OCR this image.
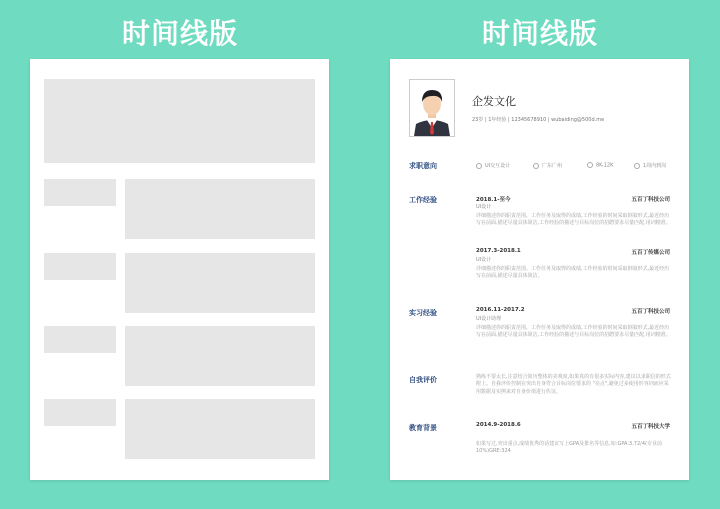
时间线版	时间线版
企发文化
23岁 | 1年经验 | 12345678910 | wubaiding@500d.me
求职意向	UI交互设计	广东广州	8K-12K	1周内到岗
工作经验	2018.1-至今	五百丁科技公司
UI设计
详细描述你的职责范围、工作任务及取得的成绩,工作经验的时间采取倒叙形式,最近经历写在前面,描述尽量具体简洁,工作经验的描述与目标岗位的招聘要求尽量匹配,用词精准。
2017.3-2018.1	五百丁传媒公司
UI设计
详细描述你的职责范围、工作任务及取得的成绩,工作经验的时间采取倒叙形式,最近经历写在前面,描述尽量具体简洁。
实习经验	2016.11-2017.2	五百丁科技公司
UI设计助理
详细描述你的职责范围、工作任务及取得的成绩,工作经验的时间采取倒叙形式,最近经历写在前面,描述尽量具体简洁,工作经验的描述与目标岗位的招聘要求尽量匹配,用词精准。
自我评价	熟练不要太长,注意结合简历整体的美观度,如果真的有很多实际内容,建议以求职信的形式附上。自我评价控制在突出自身符合目标岗位要求的 "亮点",避免过多使用形容词而应采用数据及实例来对自身价值进行佐证。
教育背景	2014.9-2018.6	五百丁科技大学
如果写过,突出重点,成绩优秀的话建议写上GPA及排名等信息,如:GPA:3.72/4(专业前10%)GRE:324
